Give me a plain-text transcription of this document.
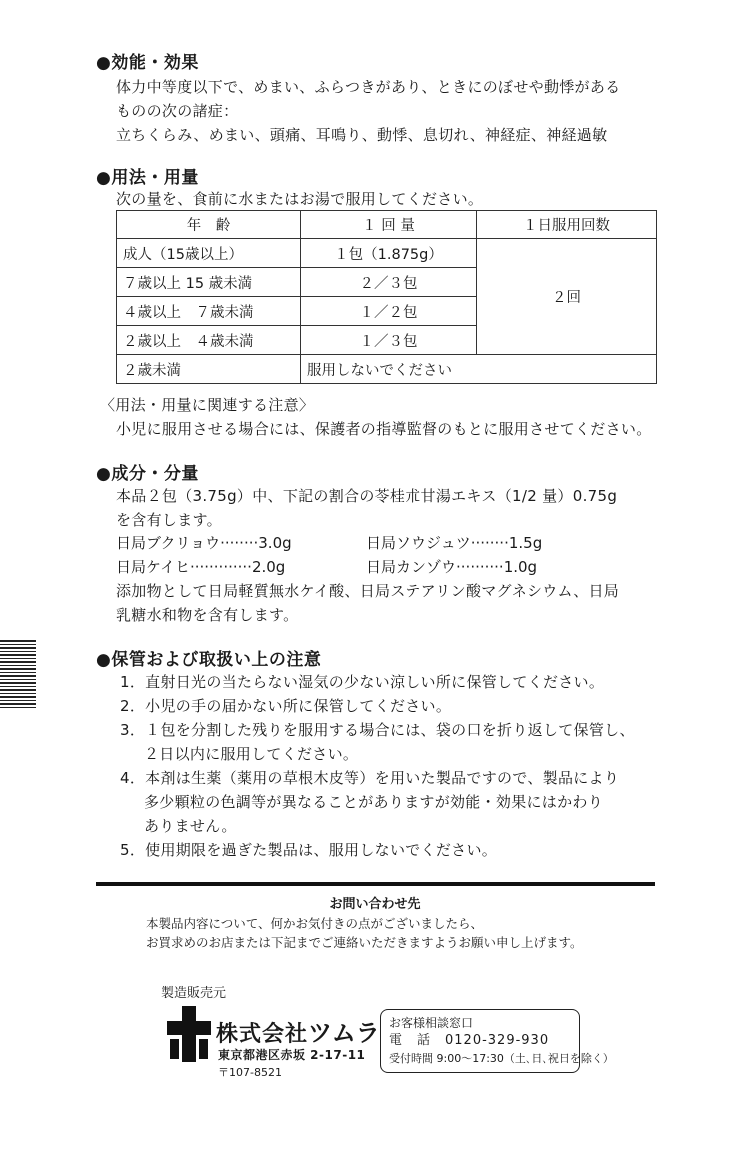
●効能・効果
体力中等度以下で、めまい、ふらつきがあり、ときにのぼせや動悸がある
ものの次の諸症：
立ちくらみ、めまい、頭痛、耳鳴り、動悸、息切れ、神経症、神経過敏
●用法・用量
次の量を、食前に水またはお湯で服用してください。
年　齢	１ 回 量	１日服用回数
成人（15歳以上）	１包（1.875g）	２回
７歳以上 15 歳未満	２／３包	
４歳以上　７歳未満	１／２包	
２歳以上　４歳未満	１／３包	
２歳未満	服用しないでください	
〈用法・用量に関連する注意〉
小児に服用させる場合には、保護者の指導監督のもとに服用させてください。
●成分・分量
本品２包（3.75g）中、下記の割合の苓桂朮甘湯エキス（1/2 量）0.75g
を含有します。
日局ブクリョウ········3.0g	日局ソウジュツ········1.5g
日局ケイヒ·············2.0g	日局カンゾウ··········1.0g
添加物として日局軽質無水ケイ酸、日局ステアリン酸マグネシウム、日局
乳糖水和物を含有します。
●保管および取扱い上の注意
1．直射日光の当たらない湿気の少ない涼しい所に保管してください。
2．小児の手の届かない所に保管してください。
3．１包を分割した残りを服用する場合には、袋の口を折り返して保管し、
２日以内に服用してください。
4．本剤は生薬（薬用の草根木皮等）を用いた製品ですので、製品により
多少顆粒の色調等が異なることがありますが効能・効果にはかわり
ありません。
5．使用期限を過ぎた製品は、服用しないでください。
お問い合わせ先
本製品内容について、何かお気付きの点がございましたら、
お買求めのお店または下記までご連絡いただきますようお願い申し上げます。
製造販売元
株式会社ツムラ
東京都港区赤坂 2-17-11
〒107-8521
お客様相談窓口
電　話　0120-329-930
受付時間 9:00〜17:30（土､日､祝日を除く）
